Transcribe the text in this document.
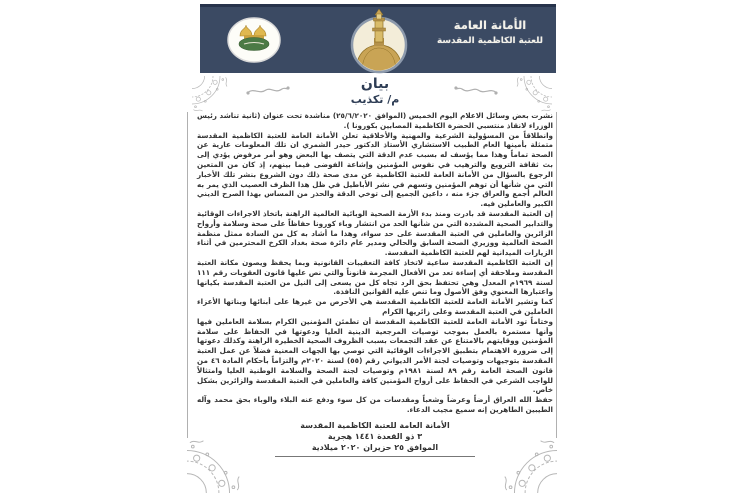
الأمانة العامة
للعتبة الكاظمية المقدسة
بيان
م/ تكذيب

نشرت بعض وسائل الاعلام اليوم الخميس (الموافق ٢٥/٦/٢٠٢٠) مناشدة تحت عنوان (ثانية تناشد رئيس الوزراء لانقاذ منتسبي الحضرة الكاظمية المصابين بكورونا ).

وانطلاقاً من المسؤولية الشرعية والمهنية والأخلاقية تعلن الأمانة العامة للعتبة الكاظمية المقدسة متمثلة بأمينها العام الطبيب الاستشاري الأستاذ الدكتور حيدر الشمري ان تلك المعلومات عارية عن الصحة تماماً وهذا مما يؤسف له بسبب عدم الدقة التي يتصف بها البعض وهو أمر مرفوض يؤدي إلى بث ثقافة الترويع والترهيب في نفوس المؤمنين وإشاعة الفوضى فيما بينهم، إذ كان من المتعين الرجوع بالسؤال من الأمانة العامة للعتبة الكاظمية عن مدى صحة ذلك دون الشروع بنشر تلك الأخبار التي من شأنها أن توهم المؤمنين وتسهم في نشر الأباطيل في ظل هذا الظرف العصيب الذي يمر به العالم أجمع والعراق جزء منه ، داعين الجميع إلى توخي الدقة والحذر من المساس بهذا الصرح الديني الكبير والعاملين فيه.

إن العتبة المقدسة قد بادرت ومنذ بدء الأزمة الصحية الوبائية العالمية الراهنة باتخاذ الاجراءات الوقائية والتدابير الصحية المشددة التي من شأنها الحد من انتشار وباء كورونا حفاظاً على صحة وسلامة وأرواح الزائرين والعاملين في العتبة المقدسة على حد سواء، وهذا ما أشاد به كل من السادة ممثل منظمة الصحة العالمية ووزيري الصحة السابق والحالي ومدير عام دائرة صحة بغداد الكرخ المحترمين في أثناء الزيارات الميدانية لهم للعتبة الكاظمية المقدسة.

إن العتبة الكاظمية المقدسة ساعية لاتخاذ كافة التعقيبات القانونية وبما يحفظ ويصون مكانة العتبة المقدسة وملاحقة أي إساءة تعد من الأفعال المجرمة قانوناً والتي نص عليها قانون العقوبات رقم ١١١ لسنة ١٩٦٩م المعدل وهي تحتفظ بحق الرد تجاه كل من يسعى إلى النيل من العتبة المقدسة بكيانها واعتبارها المعنوي وفق الأصول وما تنص عليه القوانين النافذة.

كما وتشير الأمانة العامة للعتبة الكاظمية المقدسة هي الأحرص من غيرها على أبنائها وبناتها الأعزاء العاملين في العتبة المقدسة وعلى زائريها الكرام

وختاماً تود الأمانة العامة للعتبة الكاظمية المقدسة أن تطمئن المؤمنين الكرام بسلامة العاملين فيها وأنها مستمرة بالعمل بموجب توصيات المرجعية الدينية العليا ودعوتها في الحفاظ على سلامة المؤمنين ووقايتهم بالامتناع عن عقد التجمعات بسبب الظروف الصحية الخطيرة الراهنة وكذلك دعوتها إلى ضرورة الاهتمام بتطبيق الاجراءات الوقائية التي توصي بها الجهات المعنية فضلاً عن عمل العتبة المقدسة بتوجيهات وتوصيات لجنة الأمر الديواني رقم (٥٥) لسنة ٢٠٢٠م والتزاماً بأحكام المادة ٤٦ من قانون الصحة العامة رقم ٨٩ لسنة ١٩٨١م وتوصيات لجنة الصحة والسلامة الوطنية العليا وامتثالاً للواجب الشرعي في الحفاظ على أرواح المؤمنين كافة والعاملين في العتبة المقدسة والزائرين بشكل خاص.

حفظ الله العراق أرضاً وعرضاً وشعباً ومقدسات من كل سوء ودفع عنه البلاء والوباء بحق محمد وآله الطيبين الطاهرين إنه سميع مجيب الدعاء.

الأمانة العامة للعتبة الكاظمية المقدسة
٣ ذو القعدة ١٤٤١ هجرية
الموافق ٢٥ حزيران ٢٠٢٠ ميلادية
